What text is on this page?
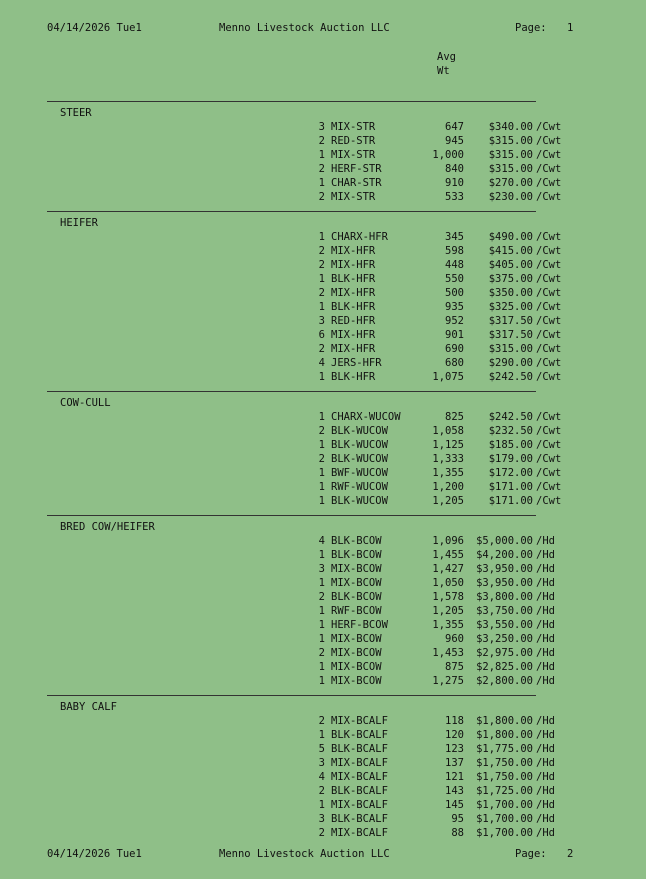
04/14/2026 Tue1	Menno Livestock Auction LLC	Page: 1
Avg
Wt
STEER
3 MIX-STR	647	$340.00 /Cwt
2 RED-STR	945	$315.00 /Cwt
1 MIX-STR	1,000	$315.00 /Cwt
2 HERF-STR	840	$315.00 /Cwt
1 CHAR-STR	910	$270.00 /Cwt
2 MIX-STR	533	$230.00 /Cwt
HEIFER
1 CHARX-HFR	345	$490.00 /Cwt
2 MIX-HFR	598	$415.00 /Cwt
2 MIX-HFR	448	$405.00 /Cwt
1 BLK-HFR	550	$375.00 /Cwt
2 MIX-HFR	500	$350.00 /Cwt
1 BLK-HFR	935	$325.00 /Cwt
3 RED-HFR	952	$317.50 /Cwt
6 MIX-HFR	901	$317.50 /Cwt
2 MIX-HFR	690	$315.00 /Cwt
4 JERS-HFR	680	$290.00 /Cwt
1 BLK-HFR	1,075	$242.50 /Cwt
COW-CULL
1 CHARX-WUCOW	825	$242.50 /Cwt
2 BLK-WUCOW	1,058	$232.50 /Cwt
1 BLK-WUCOW	1,125	$185.00 /Cwt
2 BLK-WUCOW	1,333	$179.00 /Cwt
1 BWF-WUCOW	1,355	$172.00 /Cwt
1 RWF-WUCOW	1,200	$171.00 /Cwt
1 BLK-WUCOW	1,205	$171.00 /Cwt
BRED COW/HEIFER
4 BLK-BCOW	1,096	$5,000.00 /Hd
1 BLK-BCOW	1,455	$4,200.00 /Hd
3 MIX-BCOW	1,427	$3,950.00 /Hd
1 MIX-BCOW	1,050	$3,950.00 /Hd
2 BLK-BCOW	1,578	$3,800.00 /Hd
1 RWF-BCOW	1,205	$3,750.00 /Hd
1 HERF-BCOW	1,355	$3,550.00 /Hd
1 MIX-BCOW	960	$3,250.00 /Hd
2 MIX-BCOW	1,453	$2,975.00 /Hd
1 MIX-BCOW	875	$2,825.00 /Hd
1 MIX-BCOW	1,275	$2,800.00 /Hd
BABY CALF
2 MIX-BCALF	118	$1,800.00 /Hd
1 BLK-BCALF	120	$1,800.00 /Hd
5 BLK-BCALF	123	$1,775.00 /Hd
3 MIX-BCALF	137	$1,750.00 /Hd
4 MIX-BCALF	121	$1,750.00 /Hd
2 BLK-BCALF	143	$1,725.00 /Hd
1 MIX-BCALF	145	$1,700.00 /Hd
3 BLK-BCALF	95	$1,700.00 /Hd
2 MIX-BCALF	88	$1,700.00 /Hd
04/14/2026 Tue1	Menno Livestock Auction LLC	Page: 2
